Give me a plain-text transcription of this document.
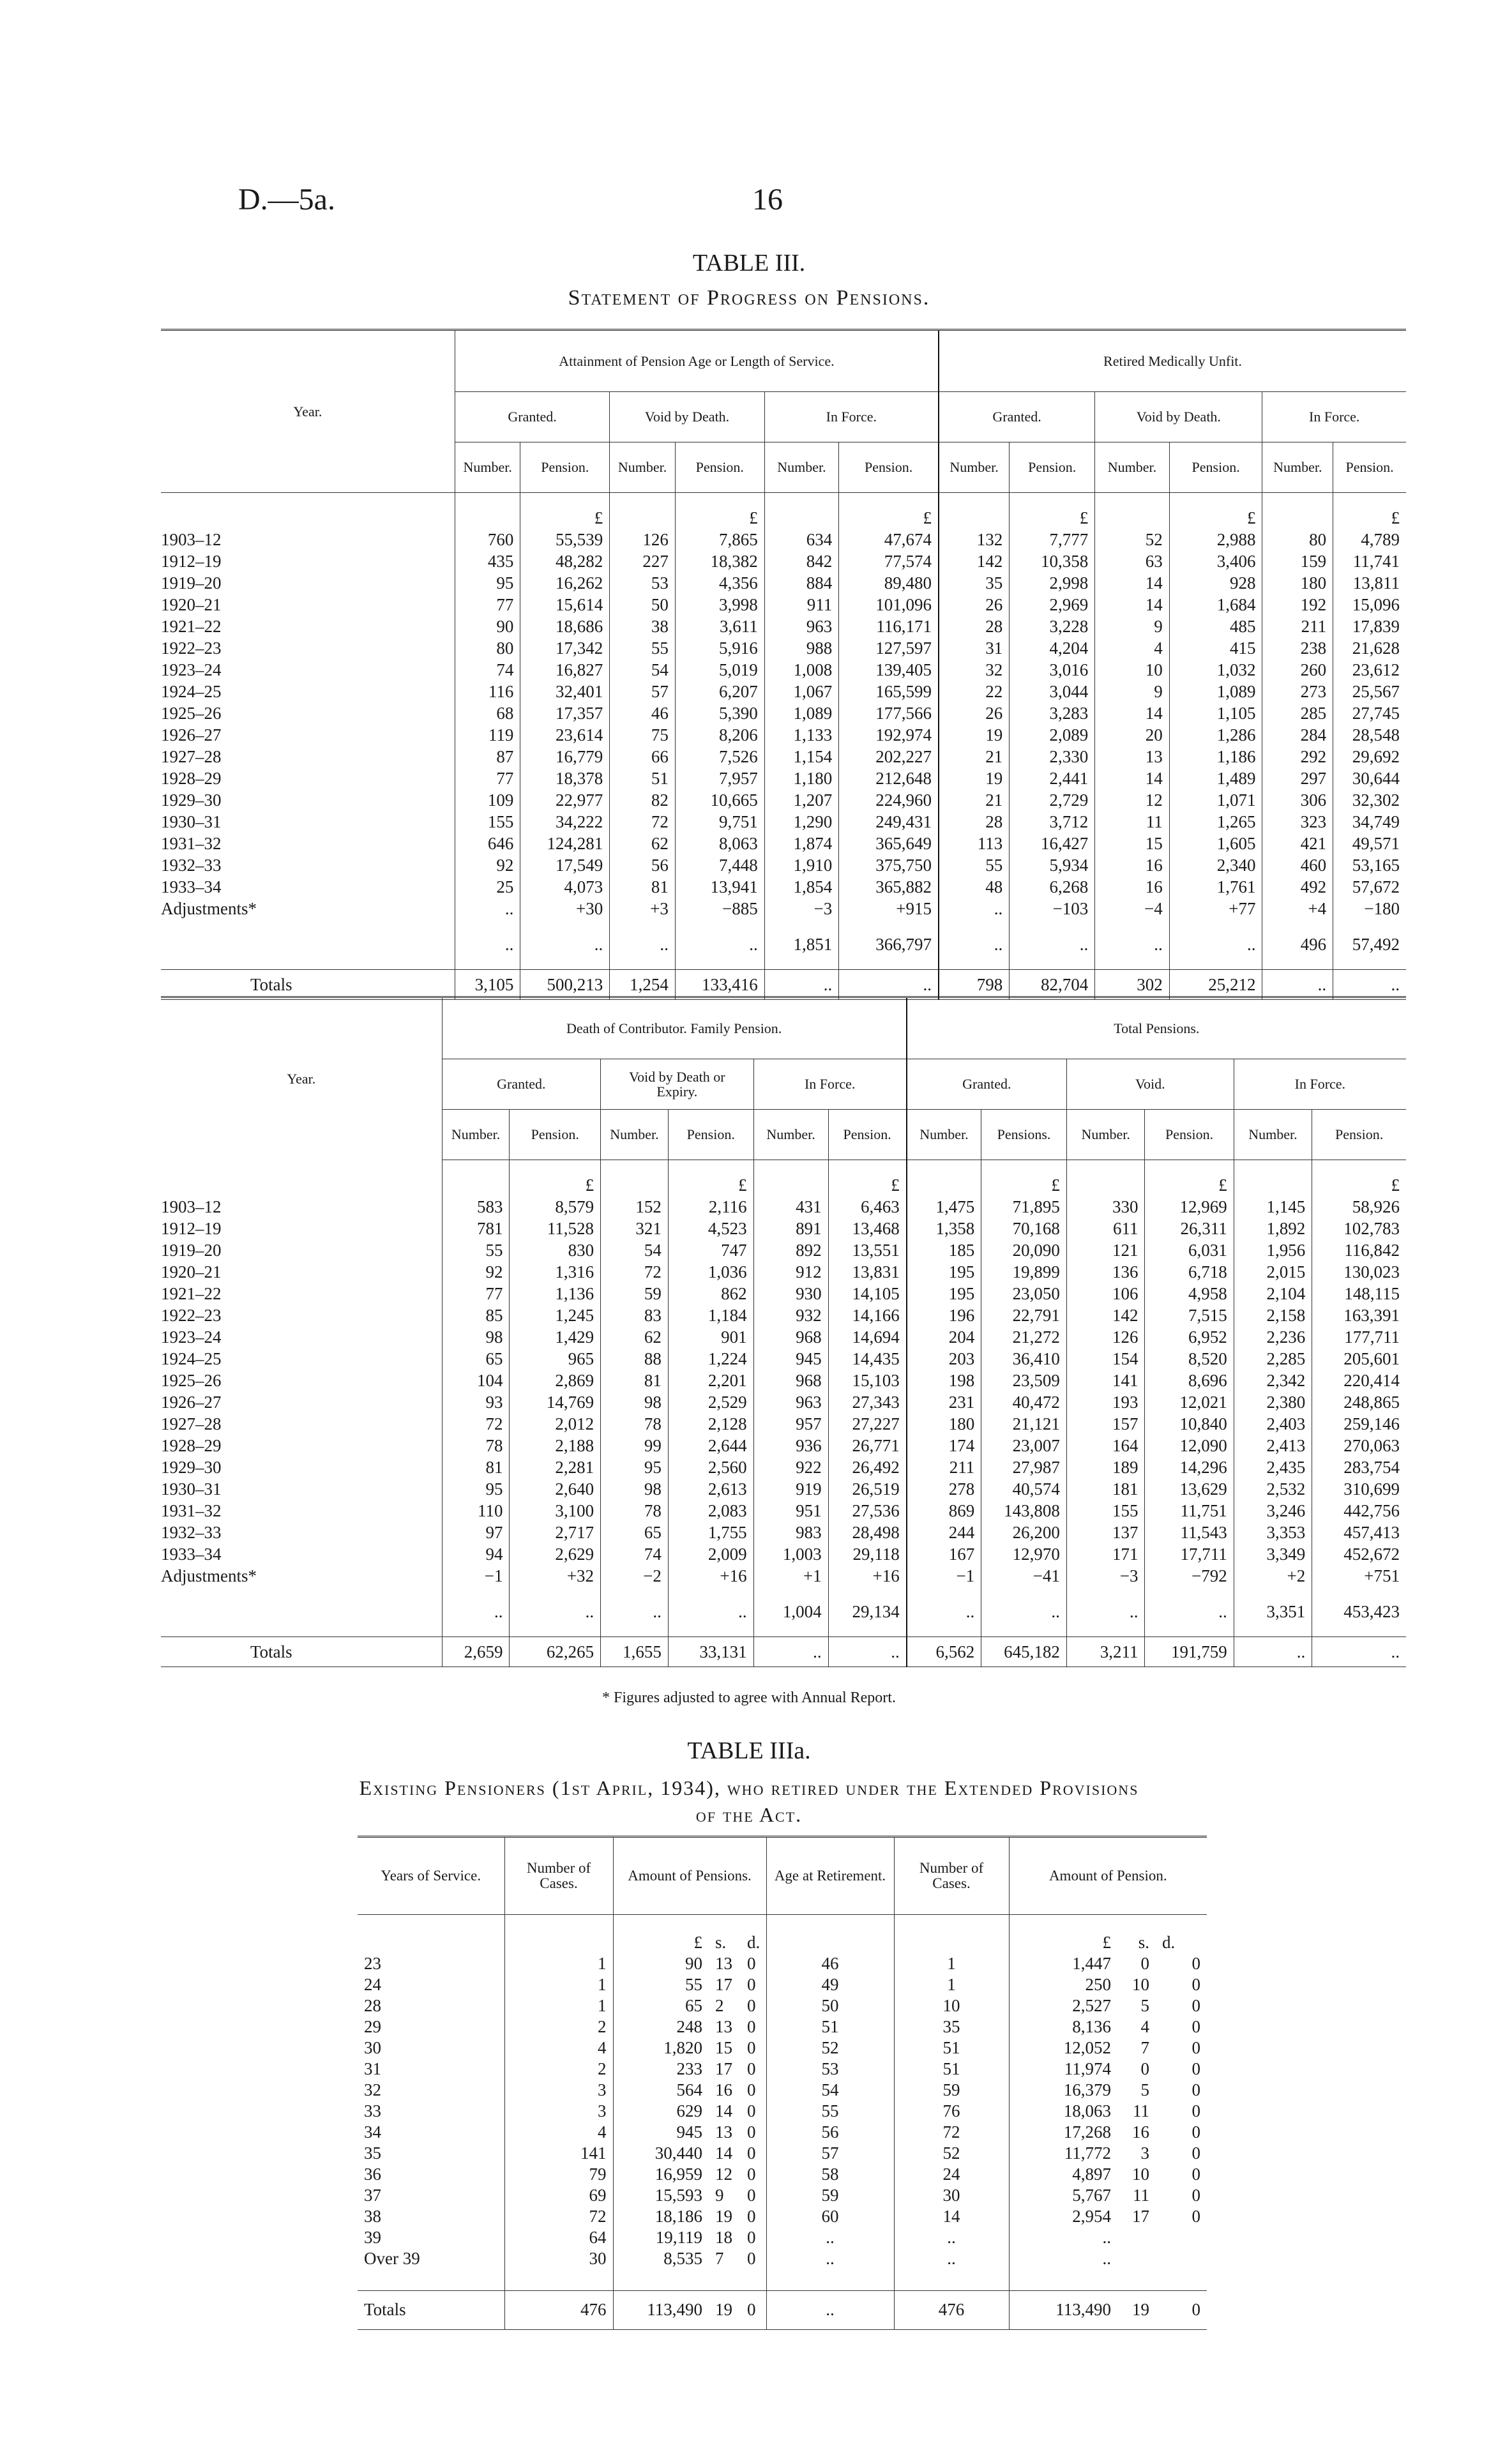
D.—5a.	16
TABLE III.
Statement of Progress on Pensions.
Year.	Attainment of Pension Age or Length of Service.						Retired Medically Unfit.					
	Granted.		Void by Death.		In Force.		Granted.		Void by Death.		In Force.	
	Number.	Pension.	Number.	Pension.	Number.	Pension.	Number.	Pension.	Number.	Pension.	Number.	Pension.
		£		£		£		£		£		£
1903–12	760	55,539	126	7,865	634	47,674	132	7,777	52	2,988	80	4,789
1912–19	435	48,282	227	18,382	842	77,574	142	10,358	63	3,406	159	11,741
1919–20	95	16,262	53	4,356	884	89,480	35	2,998	14	928	180	13,811
1920–21	77	15,614	50	3,998	911	101,096	26	2,969	14	1,684	192	15,096
1921–22	90	18,686	38	3,611	963	116,171	28	3,228	9	485	211	17,839
1922–23	80	17,342	55	5,916	988	127,597	31	4,204	4	415	238	21,628
1923–24	74	16,827	54	5,019	1,008	139,405	32	3,016	10	1,032	260	23,612
1924–25	116	32,401	57	6,207	1,067	165,599	22	3,044	9	1,089	273	25,567
1925–26	68	17,357	46	5,390	1,089	177,566	26	3,283	14	1,105	285	27,745
1926–27	119	23,614	75	8,206	1,133	192,974	19	2,089	20	1,286	284	28,548
1927–28	87	16,779	66	7,526	1,154	202,227	21	2,330	13	1,186	292	29,692
1928–29	77	18,378	51	7,957	1,180	212,648	19	2,441	14	1,489	297	30,644
1929–30	109	22,977	82	10,665	1,207	224,960	21	2,729	12	1,071	306	32,302
1930–31	155	34,222	72	9,751	1,290	249,431	28	3,712	11	1,265	323	34,749
1931–32	646	124,281	62	8,063	1,874	365,649	113	16,427	15	1,605	421	49,571
1932–33	92	17,549	56	7,448	1,910	375,750	55	5,934	16	2,340	460	53,165
1933–34	25	4,073	81	13,941	1,854	365,882	48	6,268	16	1,761	492	57,672
Adjustments*	..	+30	+3	−885	−3	+915	..	−103	−4	+77	+4	−180

	..	..	..	..	1,851	366,797	..	..	..	..	496	57,492

Totals	3,105	500,213	1,254	133,416	..	..	798	82,704	302	25,212	..	..
Year.	Death of Contributor. Family Pension.						Total Pensions.					
	Granted.		Void by Death or Expiry.		In Force.		Granted.		Void.		In Force.	
	Number.	Pension.	Number.	Pension.	Number.	Pension.	Number.	Pensions.	Number.	Pension.	Number.	Pension.
		£		£		£		£		£		£
1903–12	583	8,579	152	2,116	431	6,463	1,475	71,895	330	12,969	1,145	58,926
1912–19	781	11,528	321	4,523	891	13,468	1,358	70,168	611	26,311	1,892	102,783
1919–20	55	830	54	747	892	13,551	185	20,090	121	6,031	1,956	116,842
1920–21	92	1,316	72	1,036	912	13,831	195	19,899	136	6,718	2,015	130,023
1921–22	77	1,136	59	862	930	14,105	195	23,050	106	4,958	2,104	148,115
1922–23	85	1,245	83	1,184	932	14,166	196	22,791	142	7,515	2,158	163,391
1923–24	98	1,429	62	901	968	14,694	204	21,272	126	6,952	2,236	177,711
1924–25	65	965	88	1,224	945	14,435	203	36,410	154	8,520	2,285	205,601
1925–26	104	2,869	81	2,201	968	15,103	198	23,509	141	8,696	2,342	220,414
1926–27	93	14,769	98	2,529	963	27,343	231	40,472	193	12,021	2,380	248,865
1927–28	72	2,012	78	2,128	957	27,227	180	21,121	157	10,840	2,403	259,146
1928–29	78	2,188	99	2,644	936	26,771	174	23,007	164	12,090	2,413	270,063
1929–30	81	2,281	95	2,560	922	26,492	211	27,987	189	14,296	2,435	283,754
1930–31	95	2,640	98	2,613	919	26,519	278	40,574	181	13,629	2,532	310,699
1931–32	110	3,100	78	2,083	951	27,536	869	143,808	155	11,751	3,246	442,756
1932–33	97	2,717	65	1,755	983	28,498	244	26,200	137	11,543	3,353	457,413
1933–34	94	2,629	74	2,009	1,003	29,118	167	12,970	171	17,711	3,349	452,672
Adjustments*	−1	+32	−2	+16	+1	+16	−1	−41	−3	−792	+2	+751

	..	..	..	..	1,004	29,134	..	..	..	..	3,351	453,423

Totals	2,659	62,265	1,655	33,131	..	..	6,562	645,182	3,211	191,759	..	..
* Figures adjusted to agree with Annual Report.
TABLE IIIa.
Existing Pensioners (1st April, 1934), who retired under the Extended Provisions
of the Act.
Years of Service.	Number of Cases.	Amount of Pensions.			Age at Retirement.	Number of Cases.	Amount of Pension.		
		£	s.	d.			£	s.	d.
23	1	90	13	0	46	1	1,447	0	0
24	1	55	17	0	49	1	250	10	0
28	1	65	2	0	50	10	2,527	5	0
29	2	248	13	0	51	35	8,136	4	0
30	4	1,820	15	0	52	51	12,052	7	0
31	2	233	17	0	53	51	11,974	0	0
32	3	564	16	0	54	59	16,379	5	0
33	3	629	14	0	55	76	18,063	11	0
34	4	945	13	0	56	72	17,268	16	0
35	141	30,440	14	0	57	52	11,772	3	0
36	79	16,959	12	0	58	24	4,897	10	0
37	69	15,593	9	0	59	30	5,767	11	0
38	72	18,186	19	0	60	14	2,954	17	0
39	64	19,119	18	0	..	..	..		
Over 39	30	8,535	7	0	..	..	..		

Totals	476	113,490	19	0	..	476	113,490	19	0
